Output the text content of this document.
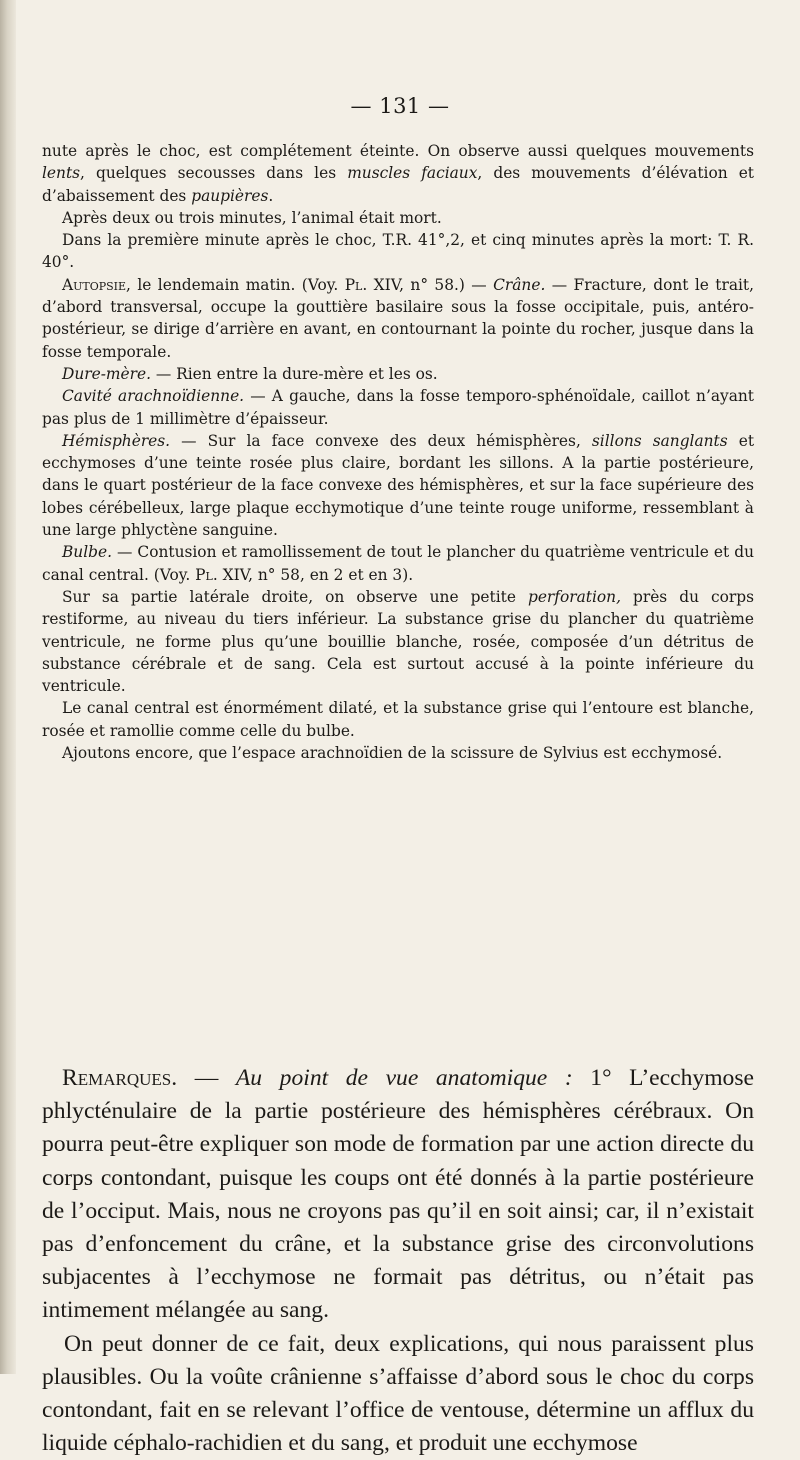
— 131 —

nute après le choc, est complétement éteinte. On observe aussi quelques mouvements lents, quelques secousses dans les muscles faciaux, des mouvements d’élévation et d’abaissement des paupières.

Après deux ou trois minutes, l’animal était mort.

Dans la première minute après le choc, T.R. 41°,2, et cinq minutes après la mort: T. R. 40°.

Autopsie, le lendemain matin. (Voy. Pl. XIV, n° 58.) — Crâne. — Fracture, dont le trait, d’abord transversal, occupe la gouttière basilaire sous la fosse occipitale, puis, antéro-postérieur, se dirige d’arrière en avant, en contournant la pointe du rocher, jusque dans la fosse temporale.

Dure-mère. — Rien entre la dure-mère et les os.

Cavité arachnoïdienne. — A gauche, dans la fosse temporo-sphénoïdale, caillot n’ayant pas plus de 1 millimètre d’épaisseur.

Hémisphères. — Sur la face convexe des deux hémisphères, sillons sanglants et ecchymoses d’une teinte rosée plus claire, bordant les sillons. A la partie postérieure, dans le quart postérieur de la face convexe des hémisphères, et sur la face supérieure des lobes cérébelleux, large plaque ecchymotique d’une teinte rouge uniforme, ressemblant à une large phlyctène sanguine.

Bulbe. — Contusion et ramollissement de tout le plancher du quatrième ventricule et du canal central. (Voy. Pl. XIV, n° 58, en 2 et en 3).

Sur sa partie latérale droite, on observe une petite perforation, près du corps restiforme, au niveau du tiers inférieur. La substance grise du plancher du quatrième ventricule, ne forme plus qu’une bouillie blanche, rosée, composée d’un détritus de substance cérébrale et de sang. Cela est surtout accusé à la pointe inférieure du ventricule.

Le canal central est énormément dilaté, et la substance grise qui l’entoure est blanche, rosée et ramollie comme celle du bulbe.

Ajoutons encore, que l’espace arachnoïdien de la scissure de Sylvius est ecchymosé.

Remarques. — Au point de vue anatomique : 1° L’ecchymose phlycténulaire de la partie postérieure des hémisphères cérébraux. On pourra peut-être expliquer son mode de formation par une action directe du corps contondant, puisque les coups ont été donnés à la partie postérieure de l’occiput. Mais, nous ne croyons pas qu’il en soit ainsi; car, il n’existait pas d’enfoncement du crâne, et la substance grise des circonvolutions subjacentes à l’ecchymose ne formait pas détritus, ou n’était pas intimement mélangée au sang.

On peut donner de ce fait, deux explications, qui nous paraissent plus plausibles. Ou la voûte crânienne s’affaisse d’abord sous le choc du corps contondant, fait en se relevant l’office de ventouse, détermine un afflux du liquide céphalo-rachidien et du sang, et produit une ecchymose
